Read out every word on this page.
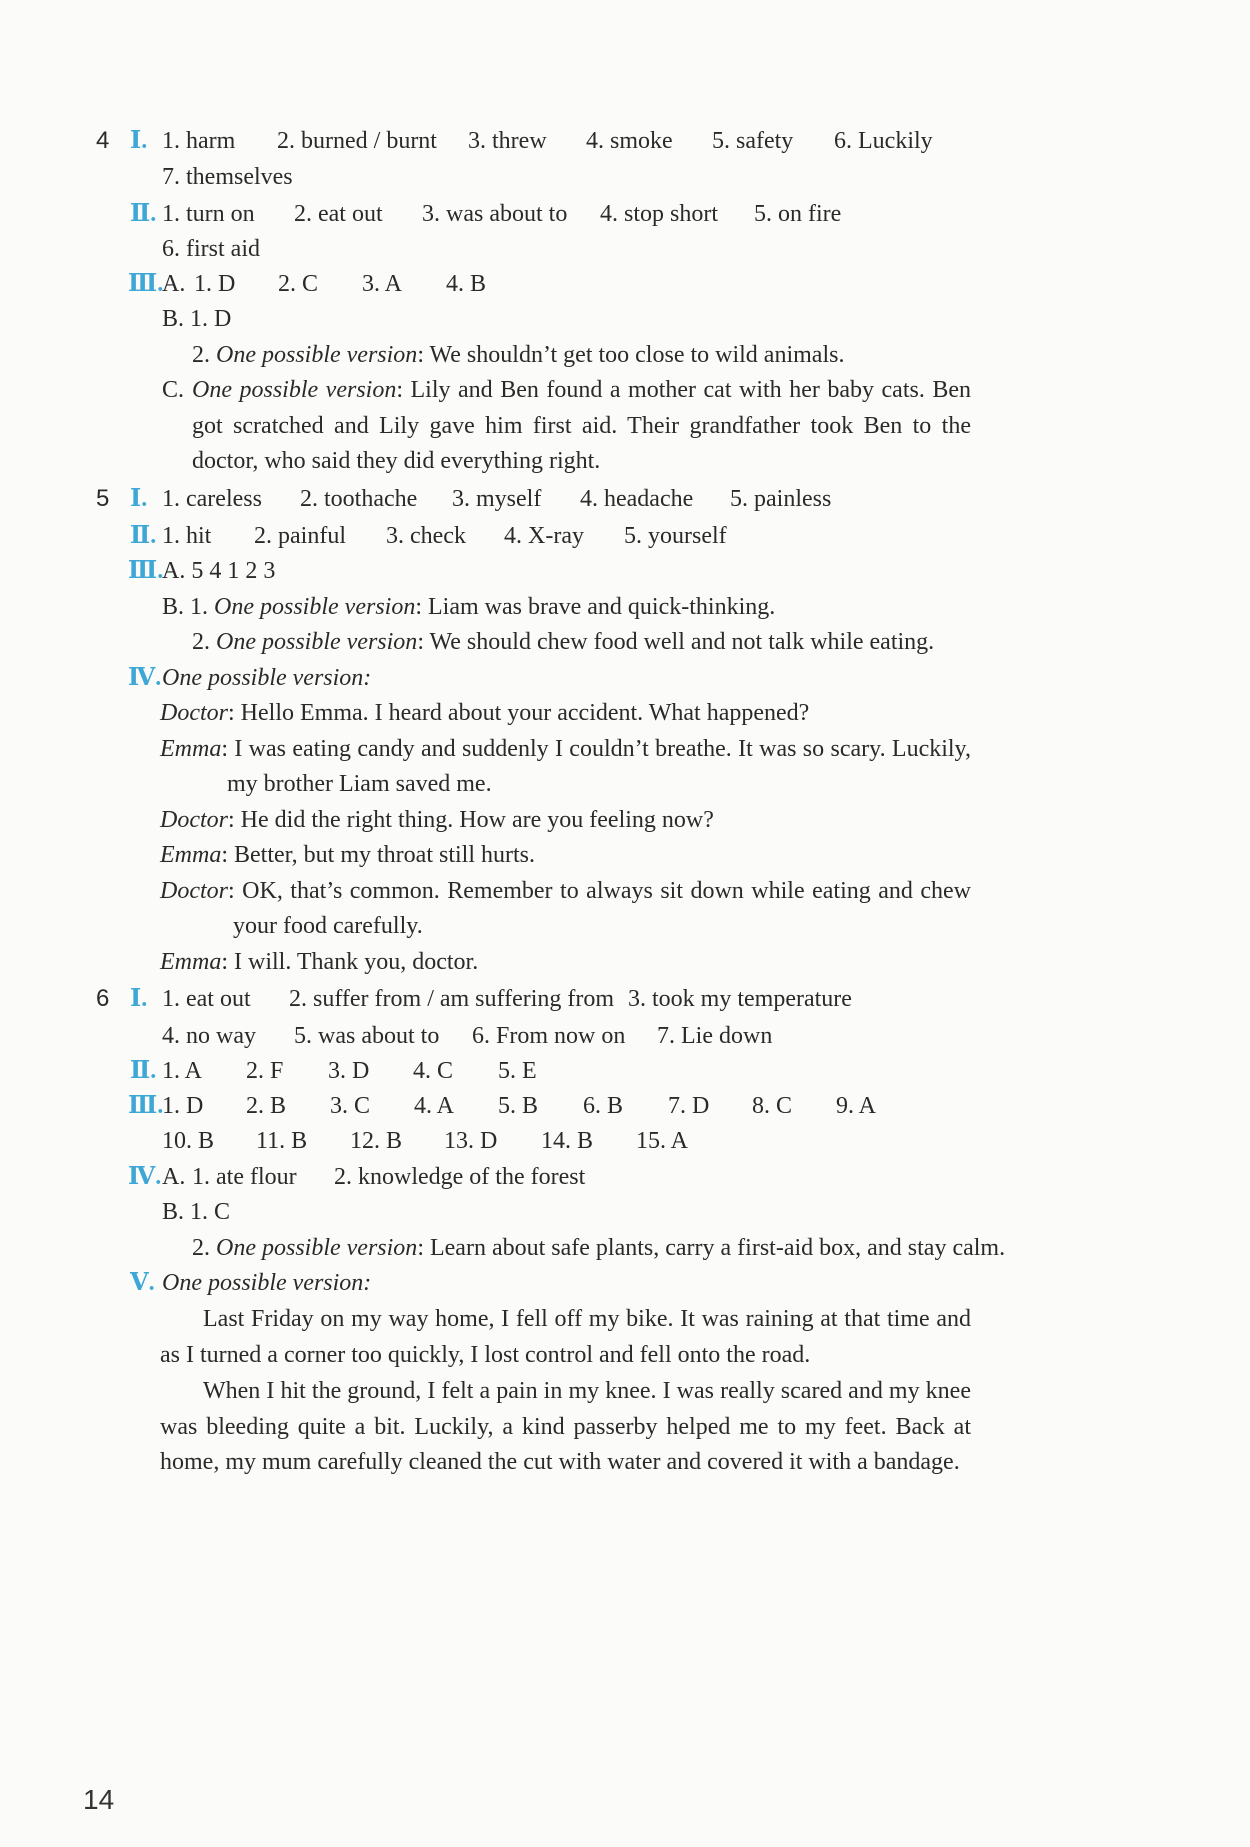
4 Ⅰ. 1. harm 2. burned / burnt 3. threw 4. smoke 5. safety 6. Luckily
7. themselves
Ⅱ. 1. turn on 2. eat out 3. was about to 4. stop short 5. on fire
6. first aid
Ⅲ.
A. 1. D 2. C 3. A 4. B
B. 1. D
2. One possible version: We shouldn’t get too close to wild animals.
C. One possible version: Lily and Ben found a mother cat with her baby cats. Ben got scratched and Lily gave him first aid. Their grandfather took Ben to the doctor, who said they did everything right.
5 Ⅰ. 1. careless 2. toothache 3. myself 4. headache 5. painless
Ⅱ. 1. hit 2. painful 3. check 4. X-ray 5. yourself
Ⅲ.
A. 5 4 1 2 3
B. 1. One possible version: Liam was brave and quick-thinking.
2. One possible version: We should chew food well and not talk while eating.
Ⅳ. One possible version:
Doctor: Hello Emma. I heard about your accident. What happened?
Emma: I was eating candy and suddenly I couldn’t breathe. It was so scary. Luckily, my brother Liam saved me.
Doctor: He did the right thing. How are you feeling now?
Emma: Better, but my throat still hurts.
Doctor: OK, that’s common. Remember to always sit down while eating and chew your food carefully.
Emma: I will. Thank you, doctor.
6 Ⅰ. 1. eat out 2. suffer from / am suffering from 3. took my temperature
4. no way 5. was about to 6. From now on 7. Lie down
Ⅱ. 1. A 2. F 3. D 4. C 5. E
Ⅲ.
1. D 2. B 3. C 4. A 5. B 6. B 7. D 8. C 9. A
10. B 11. B 12. B 13. D 14. B 15. A
Ⅳ. A. 1. ate flour 2. knowledge of the forest
B. 1. C
2. One possible version: Learn about safe plants, carry a first-aid box, and stay calm.
Ⅴ. One possible version:
Last Friday on my way home, I fell off my bike. It was raining at that time and as I turned a corner too quickly, I lost control and fell onto the road.
When I hit the ground, I felt a pain in my knee. I was really scared and my knee was bleeding quite a bit. Luckily, a kind passerby helped me to my feet. Back at home, my mum carefully cleaned the cut with water and covered it with a bandage.
14
